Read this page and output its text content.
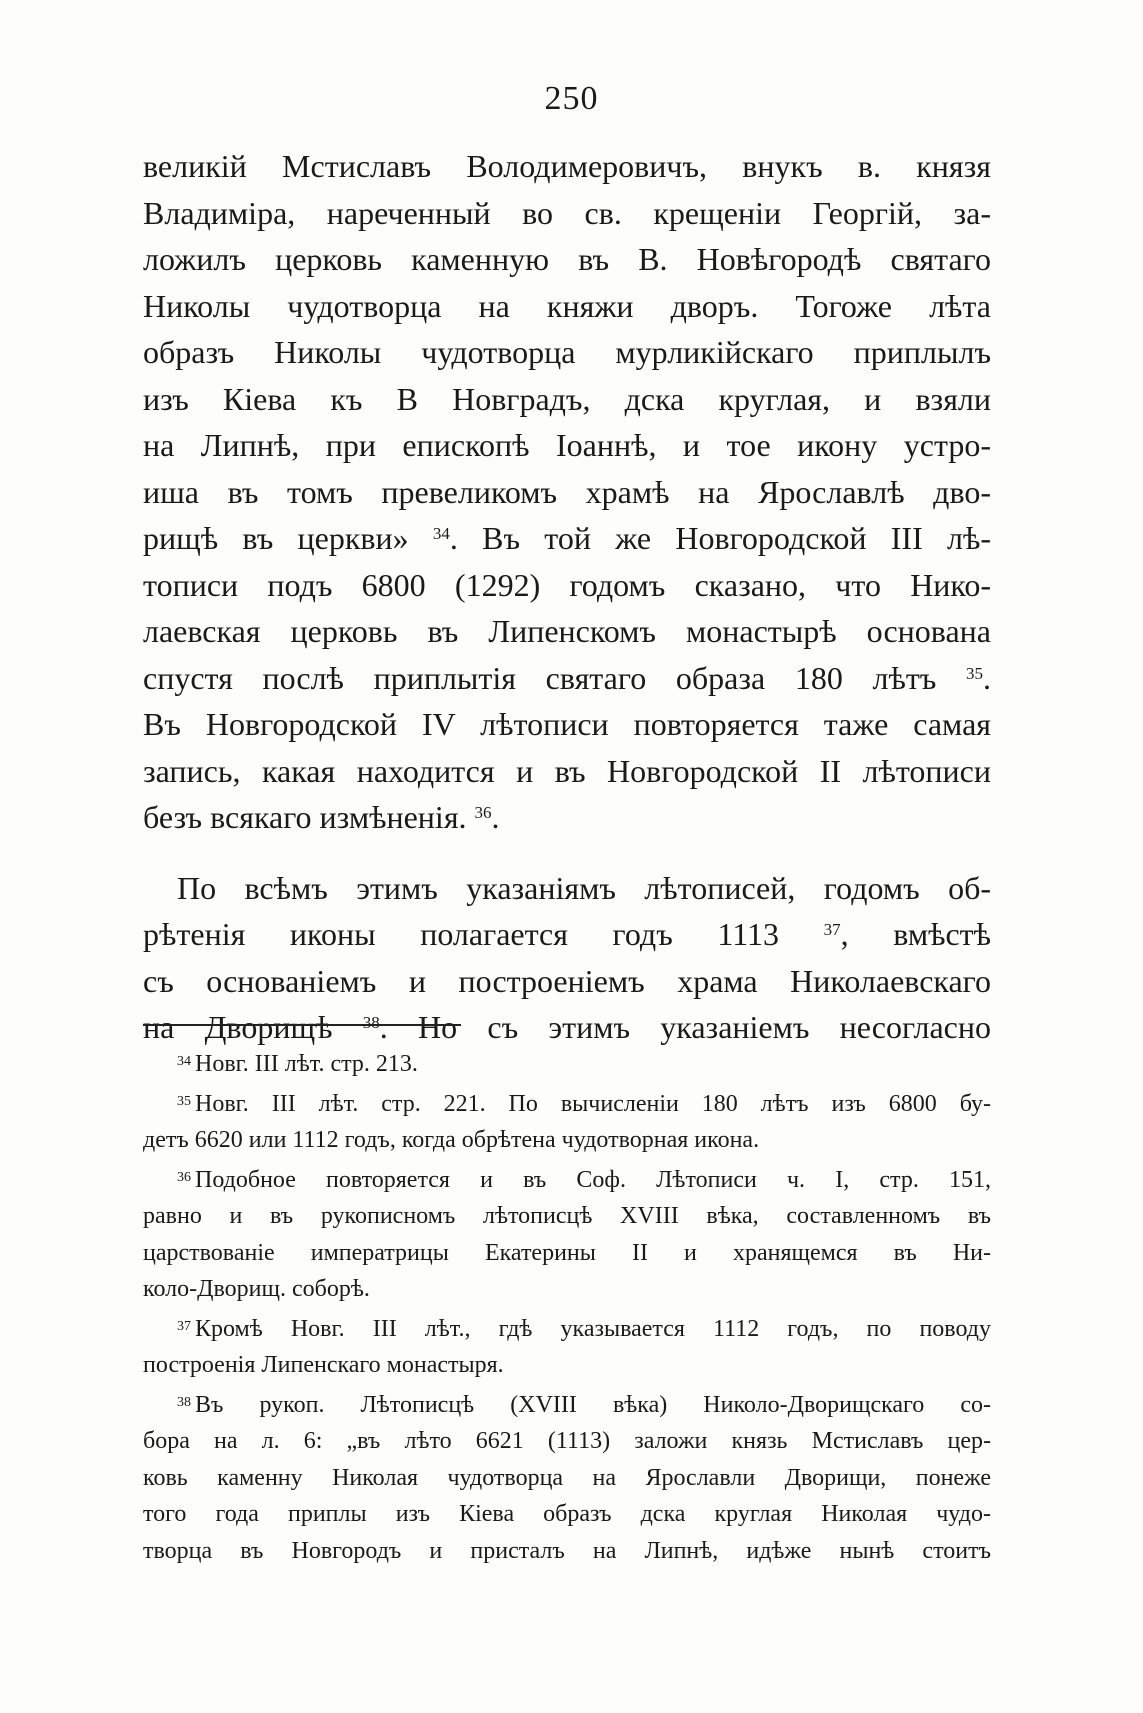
250
великій Мстиславъ Володимеровичъ, внукъ в. князя
Владиміра, нареченный во св. крещеніи Георгій, за-
ложилъ церковь каменную въ В. Новѣгородѣ святаго
Николы чудотворца на княжи дворъ. Тогоже лѣта
образъ Николы чудотворца мурликійскаго приплылъ
изъ Кіева къ В Новградъ, дска круглая, и взяли
на Липнѣ, при епископѣ Іоаннѣ, и тое икону устро-
иша въ томъ превеликомъ храмѣ на Ярославлѣ дво-
рищѣ въ церкви» $^{34}$. Въ той же Новгородской III лѣ-
тописи подъ 6800 (1292) годомъ сказано, что Нико-
лаевская церковь въ Липенскомъ монастырѣ основана
спустя послѣ приплытія святаго образа 180 лѣтъ $^{35}$.
Въ Новгородской IV лѣтописи повторяется таже самая
запись, какая находится и въ Новгородской II лѣтописи
безъ всякаго измѣненія. $^{36}$.
По всѣмъ этимъ указаніямъ лѣтописей, годомъ об-
рѣтенія иконы полагается годъ 1113 $^{37}$, вмѣстѣ
съ основаніемъ и построеніемъ храма Николаевскаго
на Дворищѣ $^{38}$. Но съ этимъ указаніемъ несогласно
$^{34}$ Новг. III лѣт. стр. 213.
$^{35}$ Новг. III лѣт. стр. 221. По вычисленіи 180 лѣтъ изъ 6800 бу-
детъ 6620 или 1112 годъ, когда обрѣтена чудотворная икона.
$^{36}$ Подобное повторяется и въ Соф. Лѣтописи ч. I, стр. 151,
равно и въ рукописномъ лѣтописцѣ XVIII вѣка, составленномъ въ
царствованіе императрицы Екатерины II и хранящемся въ Ни-
коло-Дворищ. соборѣ.
$^{37}$ Кромѣ Новг. III лѣт., гдѣ указывается 1112 годъ, по поводу
построенія Липенскаго монастыря.
$^{38}$ Въ рукоп. Лѣтописцѣ (XVIII вѣка) Николо-Дворищскаго со-
бора на л. 6: „въ лѣто 6621 (1113) заложи князь Мстиславъ цер-
ковь каменну Николая чудотворца на Ярославли Дворищи, понеже
того года приплы изъ Кіева образъ дска круглая Николая чудо-
творца въ Новгородъ и присталъ на Липнѣ, идѣже нынѣ стоитъ
